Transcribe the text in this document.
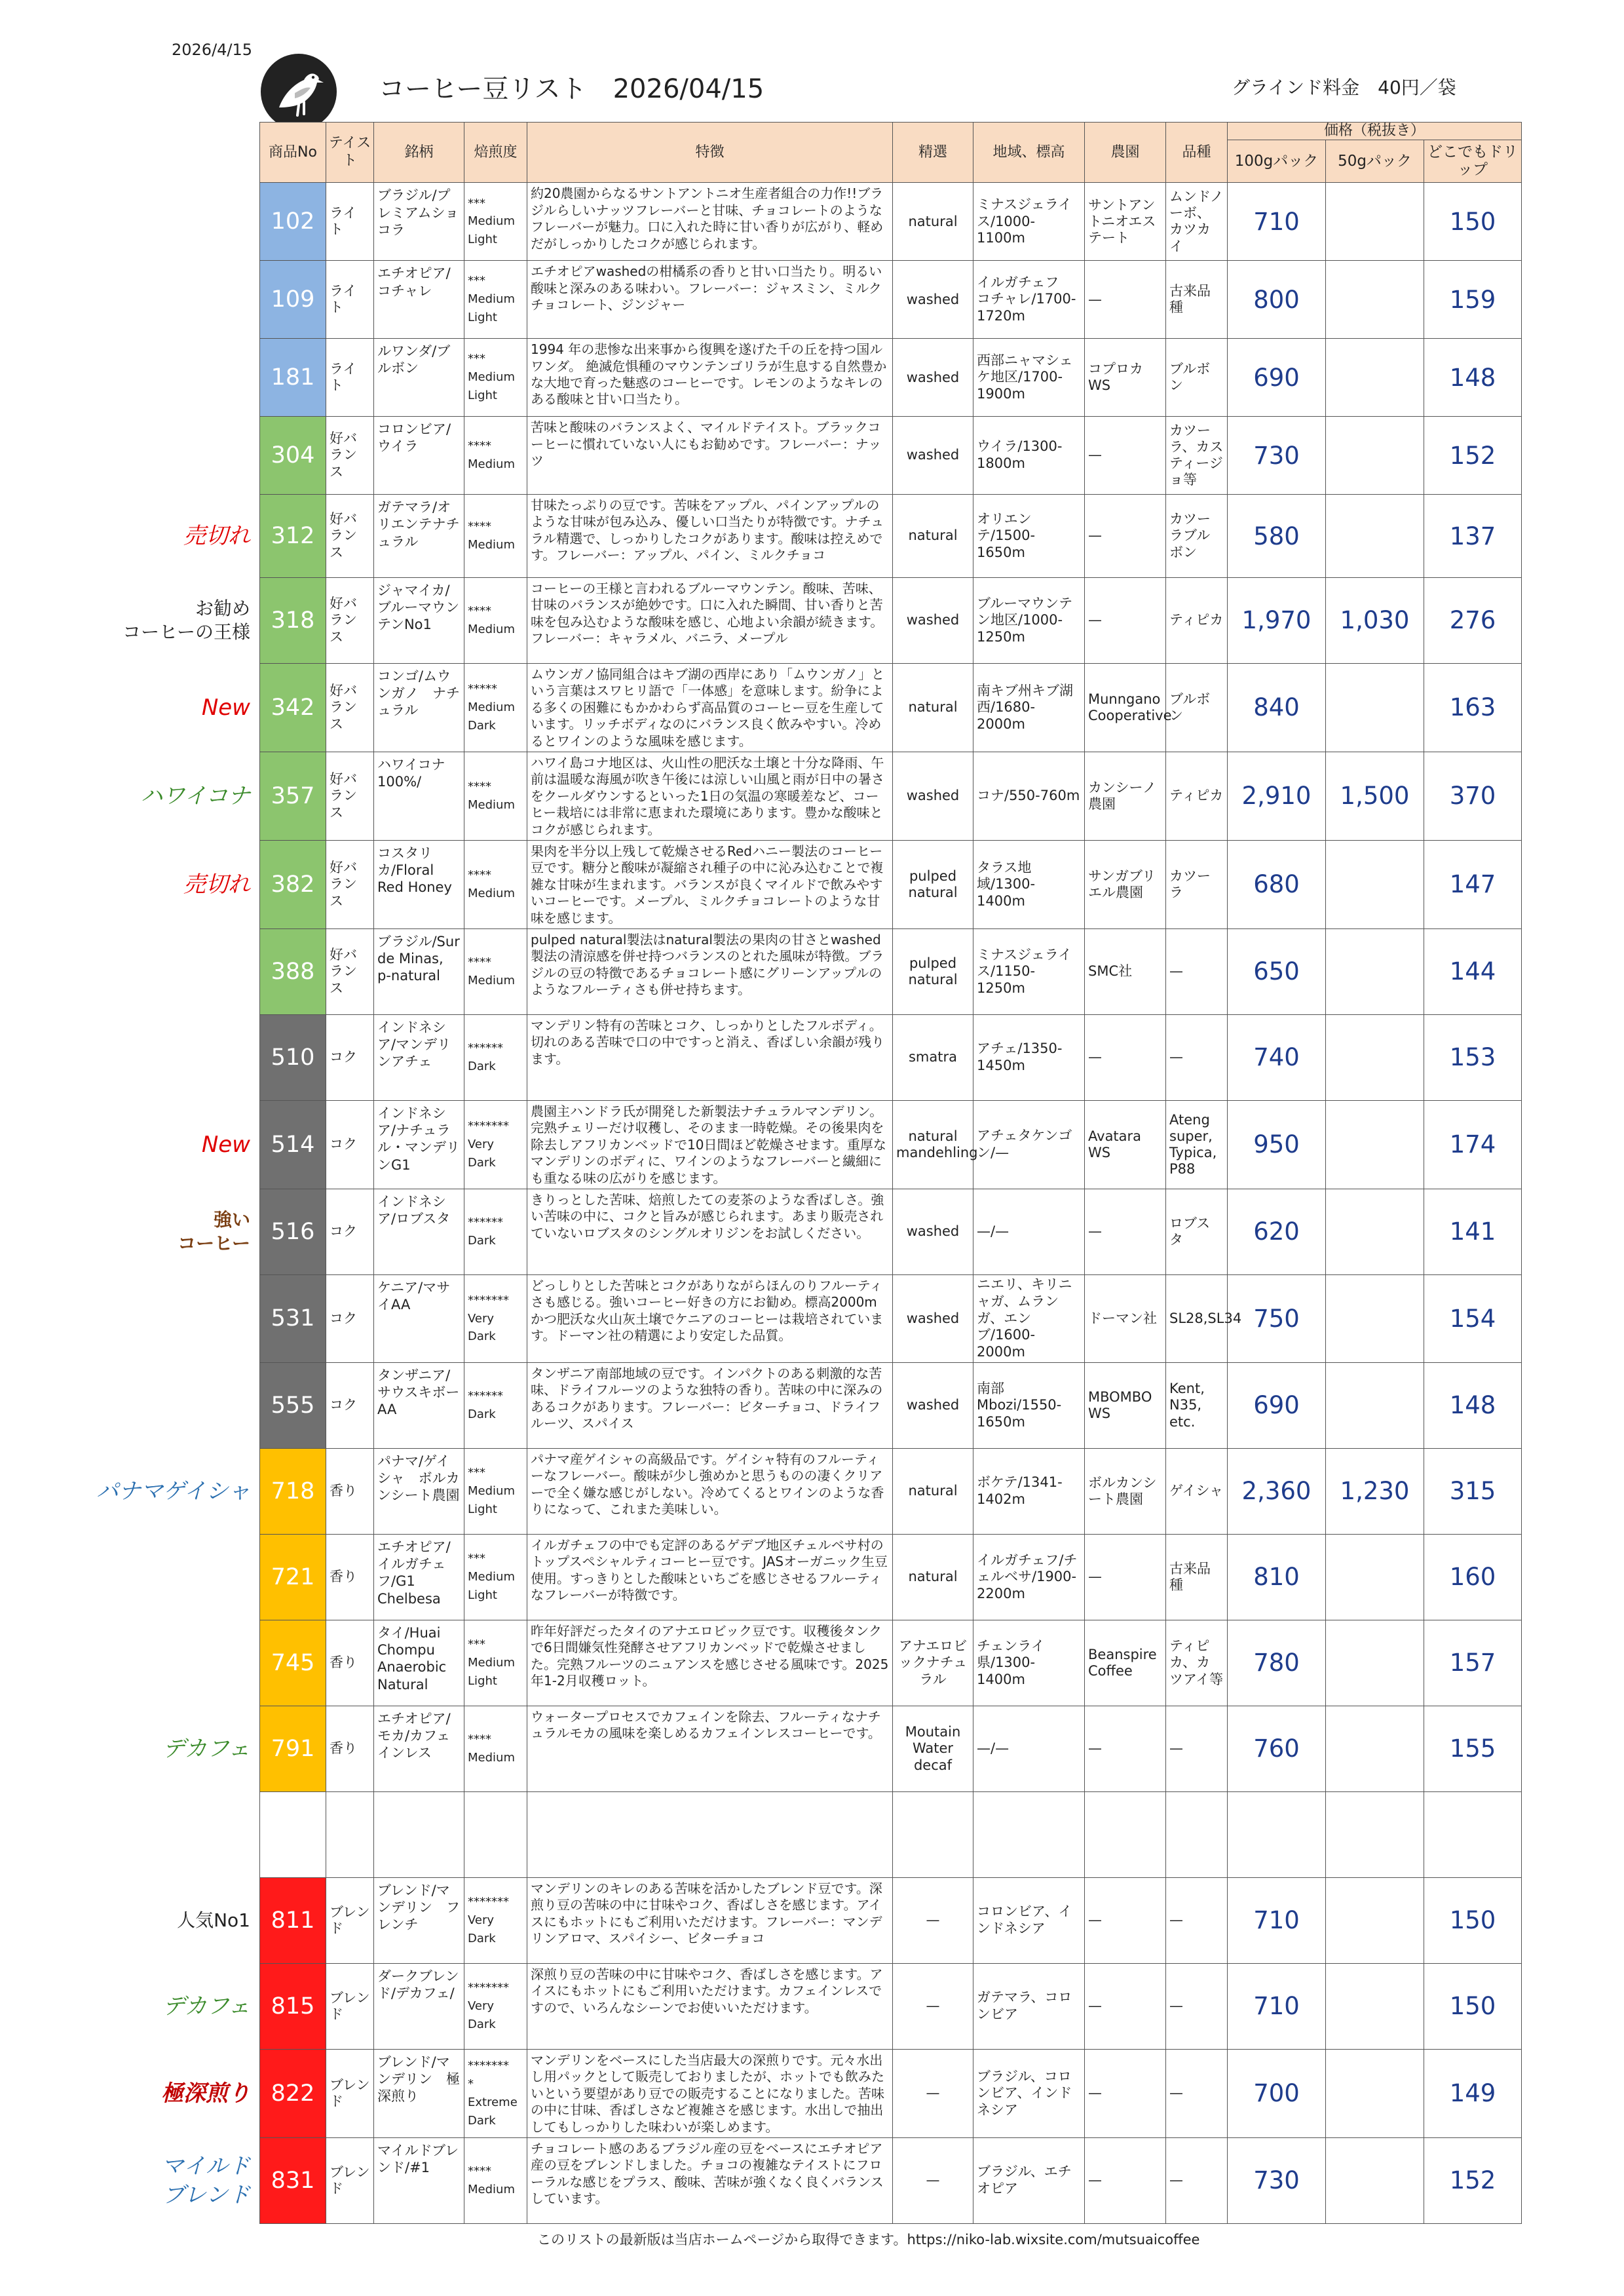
2026/4/15
コーヒー豆リスト　2026/04/15	グラインド料金　40円／袋
商品No	テイスト	銘柄	焙煎度	特徴	精選	地域、標高	農園	品種	価格（税抜き）		
									100gパック	50gパック	どこでもドリップ
102	ライト	ブラジル/プレミアムショコラ	***
Medium
Light	約20農園からなるサントアントニオ生産者組合の力作!!ブラジルらしいナッツフレーバーと甘味、チョコレートのようなフレーバーが魅力。口に入れた時に甘い香りが広がり、軽めだがしっかりしたコクが感じられます。	natural	ミナスジェライス/1000-1100m	サントアントニオエステート	ムンドノーボ、カツカイ	710		150
109	ライト	エチオピア/コチャレ	***
Medium
Light	エチオピアwashedの柑橘系の香りと甘い口当たり。明るい酸味と深みのある味わい。フレーバー：ジャスミン、ミルクチョコレート、ジンジャー	washed	イルガチェフ　コチャレ/1700-1720m	—	古来品種	800		159
181	ライト	ルワンダ/ブルボン	***
Medium
Light	1994 年の悲惨な出来事から復興を遂げた千の丘を持つ国ルワンダ。 絶滅危惧種のマウンテンゴリラが生息する自然豊かな大地で育った魅惑のコーヒーです。レモンのようなキレのある酸味と甘い口当たり。	washed	西部ニャマシェケ地区/1700-1900m	コプロカWS	ブルボン	690		148
304	好バランス	コロンビア/ウイラ	****
Medium	苦味と酸味のバランスよく、マイルドテイスト。ブラックコーヒーに慣れていない人にもお勧めです。フレーバー：ナッツ	washed	ウイラ/1300-1800m	—	カツーラ、カスティージョ等	730		152
312	好バランス	ガテマラ/オリエンテナチュラル	****
Medium	甘味たっぷりの豆です。苦味をアップル、パインアップルのような甘味が包み込み、優しい口当たりが特徴です。ナチュラル精選で、しっかりしたコクがあります。酸味は控えめです。フレーバー：アップル、パイン、ミルクチョコ	natural	オリエンテ/1500-1650m	—	カツーラブルボン	580		137
318	好バランス	ジャマイカ/ブルーマウンテンNo1	****
Medium	コーヒーの王様と言われるブルーマウンテン。酸味、苦味、甘味のバランスが絶妙です。口に入れた瞬間、甘い香りと苦味を包み込むような酸味を感じ、心地よい余韻が続きます。フレーバー：キャラメル、バニラ、メープル	washed	ブルーマウンテン地区/1000-1250m	—	ティピカ	1,970	1,030	276
342	好バランス	コンゴ/ムウンガノ　ナチュラル	*****
Medium
Dark	ムウンガノ協同組合はキブ湖の西岸にあり「ムウンガノ」という言葉はスワヒリ語で「一体感」を意味します。紛争による多くの困難にもかかわらず高品質のコーヒー豆を生産しています。リッチボディなのにバランス良く飲みやすい。冷めるとワインのような風味を感じます。	natural	南キブ州キブ湖西/1680-2000m	Munngano Cooperative	ブルボン	840		163
357	好バランス	ハワイコナ100%/	****
Medium	ハワイ島コナ地区は、火山性の肥沃な土壌と十分な降雨、午前は温暖な海風が吹き午後には涼しい山風と雨が日中の暑さをクールダウンするといった1日の気温の寒暖差など、コーヒー栽培には非常に恵まれた環境にあります。豊かな酸味とコクが感じられます。	washed	コナ/550-760m	カンシーノ農園	ティピカ	2,910	1,500	370
382	好バランス	コスタリカ/Floral Red Honey	****
Medium	果肉を半分以上残して乾燥させるRedハニー製法のコーヒー豆です。糖分と酸味が凝縮され種子の中に沁み込むことで複雑な甘味が生まれます。バランスが良くマイルドで飲みやすいコーヒーです。メープル、ミルクチョコレートのような甘味を感じます。	pulped natural	タラス地域/1300-1400m	サンガブリエル農園	カツーラ	680		147
388	好バランス	ブラジル/Sur de Minas, p-natural	****
Medium	pulped natural製法はnatural製法の果肉の甘さとwashed製法の清涼感を併せ持つバランスのとれた風味が特徴。ブラジルの豆の特徴であるチョコレート感にグリーンアップルのようなフルーティさも併せ持ちます。	pulped natural	ミナスジェライス/1150-1250m	SMC社	—	650		144
510	コク	インドネシア/マンデリンアチェ	******
Dark	マンデリン特有の苦味とコク、しっかりとしたフルボディ。切れのある苦味で口の中ですっと消え、香ばしい余韻が残ります。	smatra	アチェ/1350-1450m	—	—	740		153
514	コク	インドネシア/ナチュラル・マンデリンG1	*******
Very
Dark	農園主ハンドラ氏が開発した新製法ナチュラルマンデリン。完熟チェリーだけ収穫し、そのまま一時乾燥。その後果肉を除去しアフリカンベッドで10日間ほど乾燥させます。重厚なマンデリンのボディに、ワインのようなフレーバーと繊細にも重なる味の広がりを感じます。	natural mandehling	アチェタケンゴン/—	Avatara WS	Ateng super, Typica, P88	950		174
516	コク	インドネシア/ロブスタ	******
Dark	きりっとした苦味、焙煎したての麦茶のような香ばしさ。強い苦味の中に、コクと旨みが感じられます。あまり販売されていないロブスタのシングルオリジンをお試しください。	washed	—/—	—	ロブスタ	620		141
531	コク	ケニア/マサイAA	*******
Very
Dark	どっしりとした苦味とコクがありながらほんのりフルーティさも感じる。強いコーヒー好きの方にお勧め。標高2000mかつ肥沃な火山灰土壌でケニアのコーヒーは栽培されています。ドーマン社の精選により安定した品質。	washed	ニエリ、キリニャガ、ムランガ、エンブ/1600-2000m	ドーマン社	SL28,SL34	750		154
555	コク	タンザニア/サウスキボーAA	******
Dark	タンザニア南部地域の豆です。インパクトのある刺激的な苦味、ドライフルーツのような独特の香り。苦味の中に深みのあるコクがあります。フレーバー：ビターチョコ、ドライフルーツ、スパイス	washed	南部Mbozi/1550-1650m	MBOMBO WS	Kent, N35, etc.	690		148
718	香り	パナマ/ゲイシャ　ボルカンシート農園	***
Medium
Light	パナマ産ゲイシャの高級品です。ゲイシャ特有のフルーティーなフレーバー。酸味が少し強めかと思うものの凄くクリアーで全く嫌な感じがしない。冷めてくるとワインのような香りになって、これまた美味しい。	natural	ボケテ/1341-1402m	ボルカンシート農園	ゲイシャ	2,360	1,230	315
721	香り	エチオピア/イルガチェフ/G1 Chelbesa	***
Medium
Light	イルガチェフの中でも定評のあるゲデブ地区チェルベサ村のトップスペシャルティコーヒー豆です。JASオーガニック生豆使用。すっきりとした酸味といちごを感じさせるフルーティなフレーバーが特徴です。	natural	イルガチェフ/チェルベサ/1900-2200m	—	古来品種	810		160
745	香り	タイ/Huai Chompu Anaerobic Natural	***
Medium
Light	昨年好評だったタイのアナエロビック豆です。収穫後タンクで6日間嫌気性発酵させアフリカンベッドで乾燥させました。完熟フルーツのニュアンスを感じさせる風味です。2025年1-2月収穫ロット。	アナエロビックナチュラル	チェンライ県/1300-1400m	Beanspire Coffee	ティピカ、カツアイ等	780		157
791	香り	エチオピア/モカ/カフェインレス	****
Medium	ウォータープロセスでカフェインを除去、フルーティなナチュラルモカの風味を楽しめるカフェインレスコーヒーです。	Moutain Water decaf	—/—	—	—	760		155

811	ブレンド	ブレンド/マンデリン　フレンチ	*******
Very
Dark	マンデリンのキレのある苦味を活かしたブレンド豆です。深煎り豆の苦味の中に甘味やコク、香ばしさを感じます。アイスにもホットにもご利用いただけます。フレーバー：マンデリンアロマ、スパイシー、ビターチョコ	—	コロンビア、インドネシア	—	—	710		150
815	ブレンド	ダークブレンド/デカフェ/	*******
Very
Dark	深煎り豆の苦味の中に甘味やコク、香ばしさを感じます。アイスにもホットにもご利用いただけます。カフェインレスですので、いろんなシーンでお使いいただけます。	—	ガテマラ、コロンビア	—	—	710		150
822	ブレンド	ブレンド/マンデリン　極深煎り	*******
*
Extreme
Dark	マンデリンをベースにした当店最大の深煎りです。元々水出し用パックとして販売しておりましたが、ホットでも飲みたいという要望があり豆での販売することになりました。苦味の中に甘味、香ばしさなど複雑さを感じます。水出しで抽出してもしっかりした味わいが楽しめます。	—	ブラジル、コロンビア、インドネシア	—	—	700		149
831	ブレンド	マイルドブレンド/#1	****
Medium	チョコレート感のあるブラジル産の豆をベースにエチオピア産の豆をブレンドしました。チョコの複雑なテイストにフローラルな感じをプラス、酸味、苦味が強くなく良くバランスしています。	—	ブラジル、エチオピア	—	—	730		152
売切れ
お勧め
コーヒーの王様
New
ハワイコナ
売切れ
New
強い
コーヒー
パナマゲイシャ
デカフェ
人気No1
デカフェ
極深煎り
マイルド
ブレンド
このリストの最新版は当店ホームページから取得できます。https://niko-lab.wixsite.com/mutsuaicoffee
